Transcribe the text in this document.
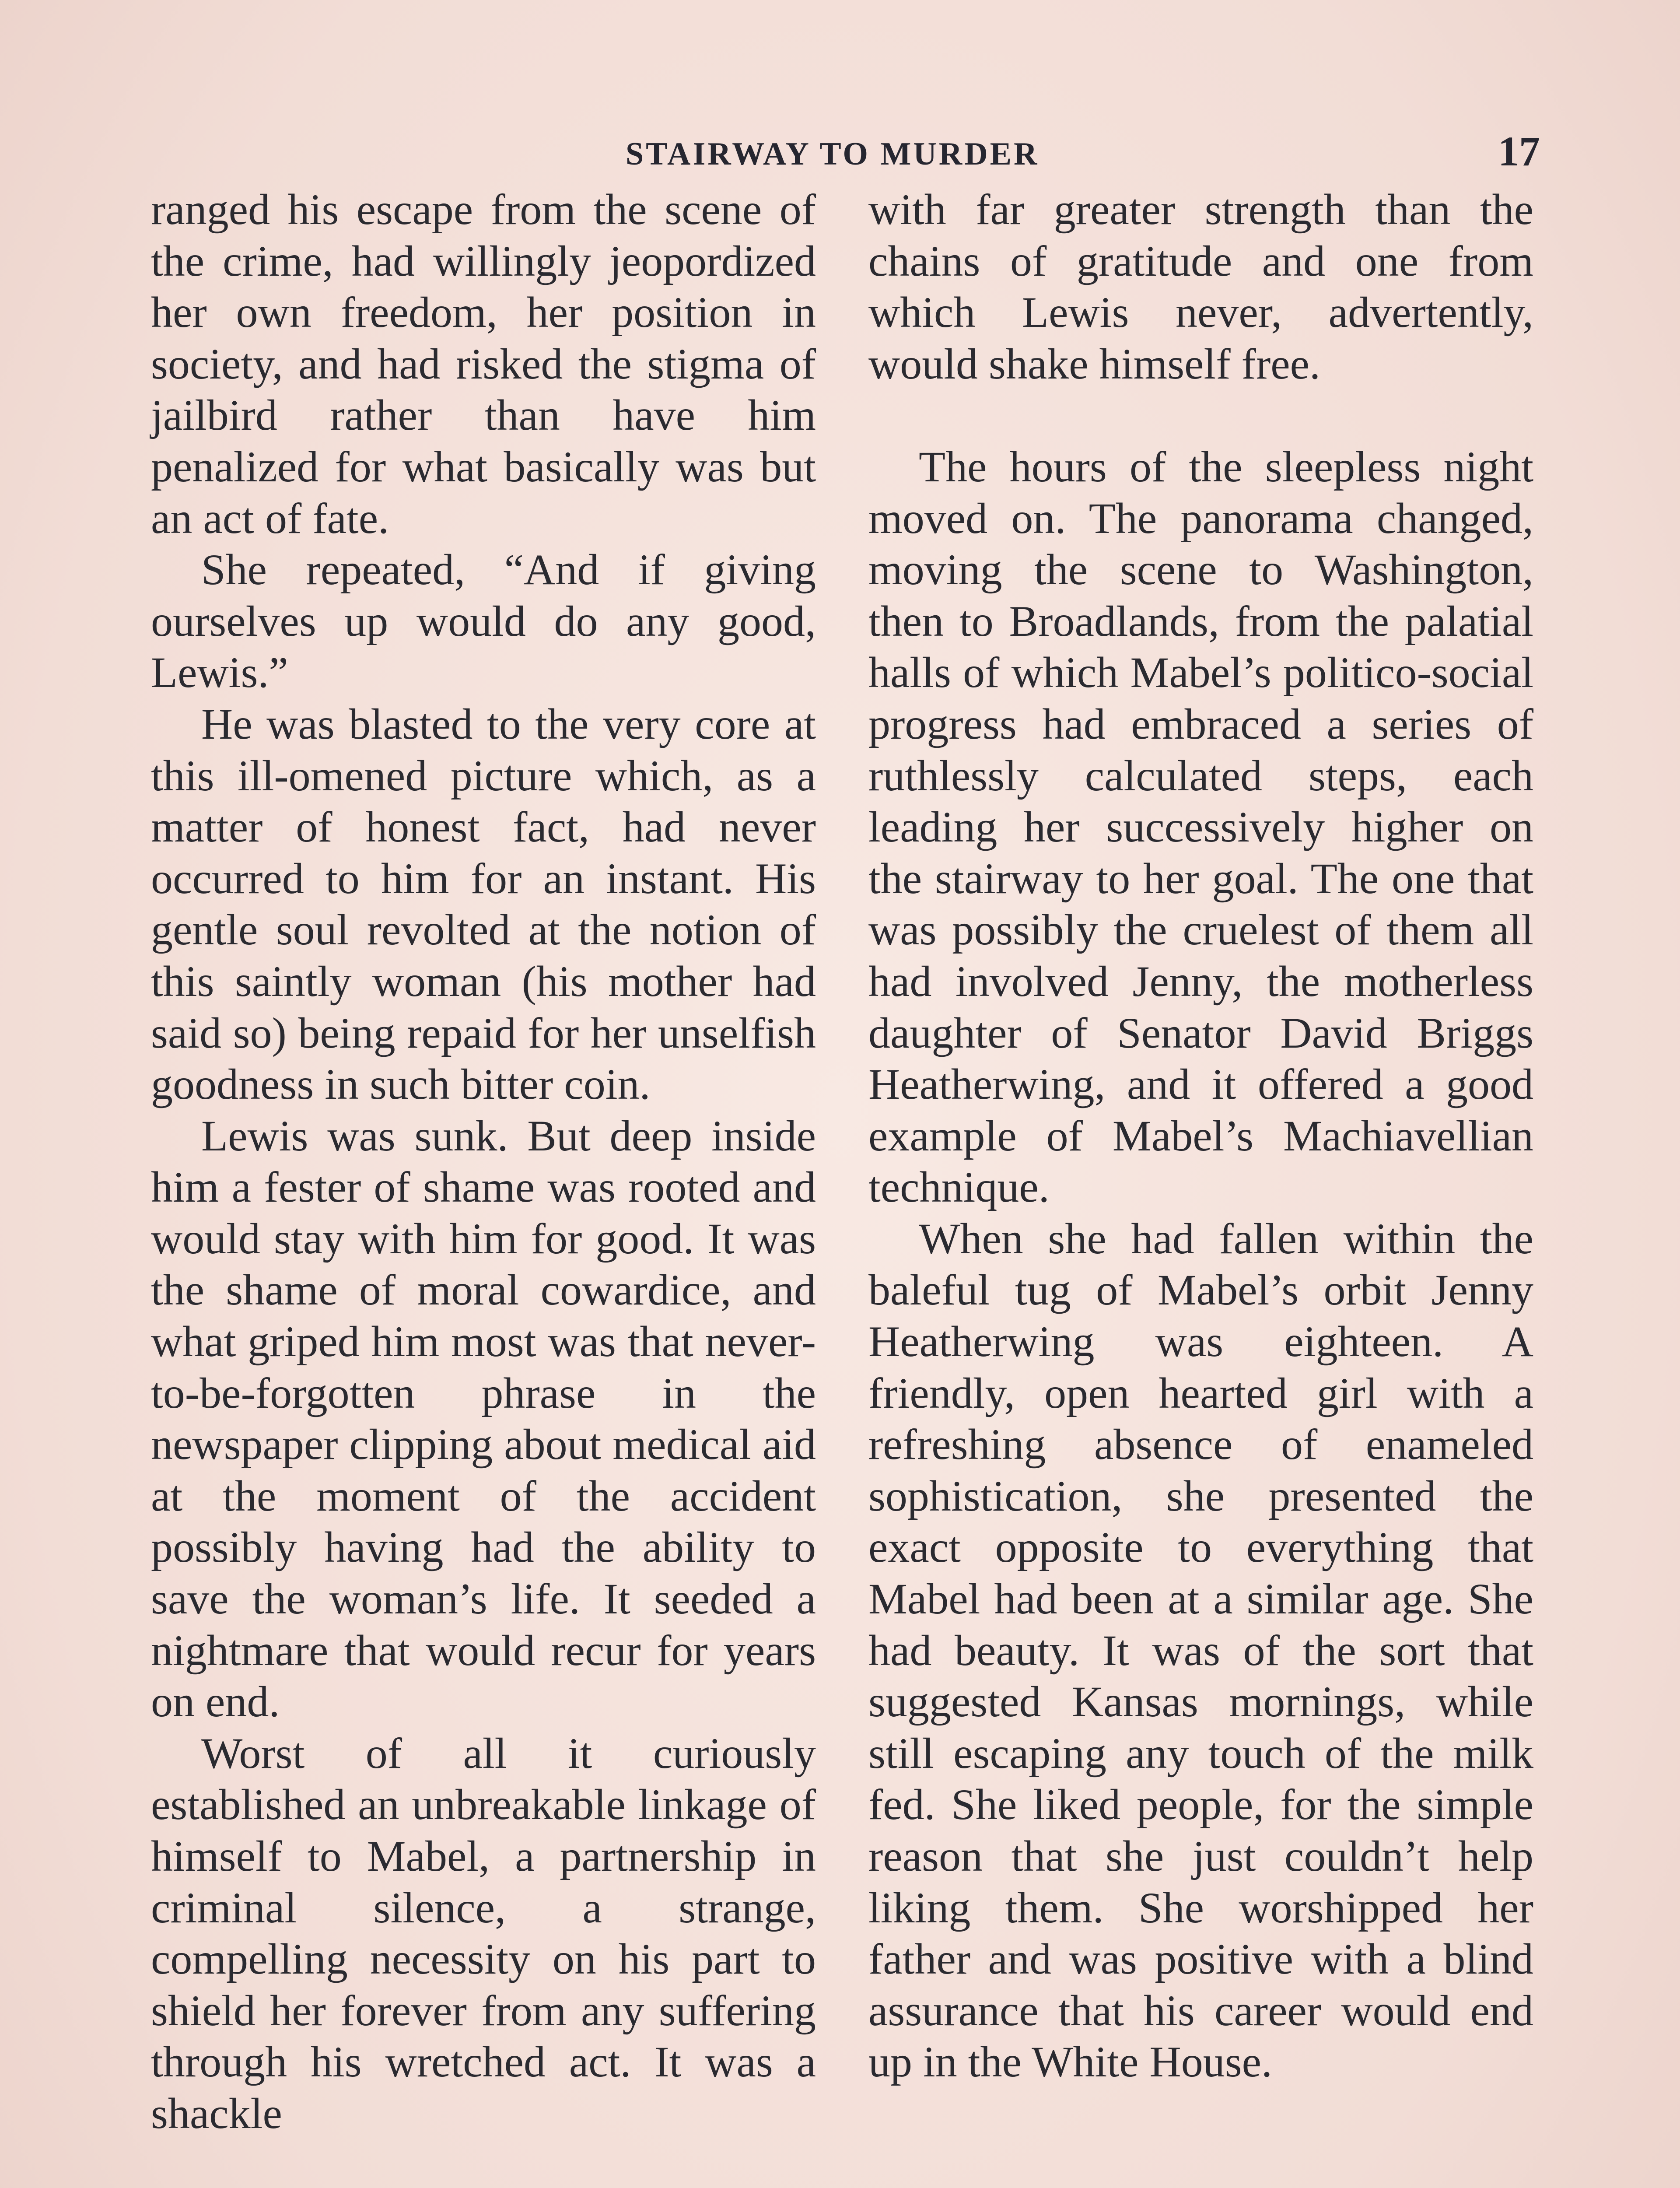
STAIRWAY TO MURDER	17

ranged his escape from the scene of the crime, had willingly jeopordized her own freedom, her position in society, and had risked the stigma of jailbird rather than have him penalized for what basically was but an act of fate.

She repeated, “And if giving ourselves up would do any good, Lewis.”

He was blasted to the very core at this ill-omened picture which, as a matter of honest fact, had never occurred to him for an instant. His gentle soul revolted at the notion of this saintly woman (his mother had said so) being repaid for her unselfish goodness in such bitter coin.

Lewis was sunk. But deep inside him a fester of shame was rooted and would stay with him for good. It was the shame of moral cowardice, and what griped him most was that never-to-be-forgotten phrase in the newspaper clipping about medical aid at the moment of the accident possibly having had the ability to save the woman’s life. It seeded a nightmare that would recur for years on end.

Worst of all it curiously established an unbreakable linkage of himself to Mabel, a partnership in criminal silence, a strange, compelling necessity on his part to shield her forever from any suffering through his wretched act. It was a shackle

with far greater strength than the chains of gratitude and one from which Lewis never, advertently, would shake himself free.

The hours of the sleepless night moved on. The panorama changed, moving the scene to Washington, then to Broadlands, from the palatial halls of which Mabel’s politico-social progress had embraced a series of ruthlessly calculated steps, each leading her successively higher on the stairway to her goal. The one that was possibly the cruelest of them all had involved Jenny, the motherless daughter of Senator David Briggs Heatherwing, and it offered a good example of Mabel’s Machiavellian technique.

When she had fallen within the baleful tug of Mabel’s orbit Jenny Heatherwing was eighteen. A friendly, open hearted girl with a refreshing absence of enameled sophistication, she presented the exact opposite to everything that Mabel had been at a similar age. She had beauty. It was of the sort that suggested Kansas mornings, while still escaping any touch of the milk fed. She liked people, for the simple reason that she just couldn’t help liking them. She worshipped her father and was positive with a blind assurance that his career would end up in the White House.
